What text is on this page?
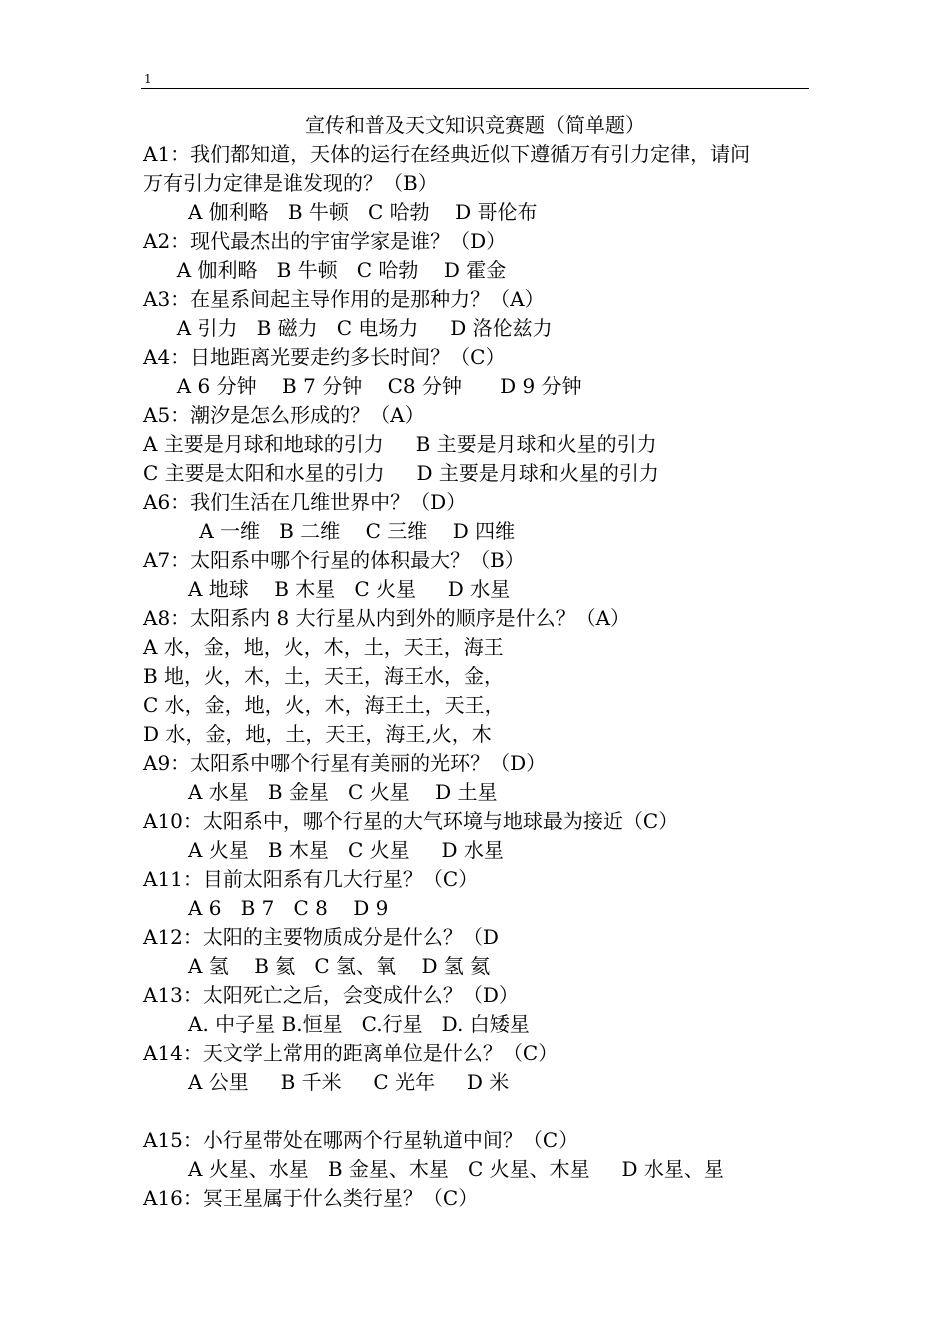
1
宣传和普及天文知识竞赛题（简单题）
A1：我们都知道，天体的运行在经典近似下遵循万有引力定律，请问
万有引力定律是谁发现的？（B）
A 伽利略   B 牛顿   C 哈勃    D 哥伦布
A2：现代最杰出的宇宙学家是谁？（D）
A 伽利略   B 牛顿   C 哈勃    D 霍金
A3：在星系间起主导作用的是那种力？（A）
A 引力   B 磁力   C 电场力     D 洛伦兹力
A4：日地距离光要走约多长时间？（C）
A 6 分钟    B 7 分钟    C8 分钟      D 9 分钟
A5：潮汐是怎么形成的？（A）
A 主要是月球和地球的引力     B 主要是月球和火星的引力
C 主要是太阳和水星的引力     D 主要是月球和火星的引力
A6：我们生活在几维世界中？（D）
A 一维   B 二维    C 三维    D 四维
A7：太阳系中哪个行星的体积最大？（B）
A 地球    B 木星   C 火星     D 水星
A8：太阳系内 8 大行星从内到外的顺序是什么？（A）
A 水，金，地，火，木，土，天王，海王
B 地，火，木，土，天王，海王水，金，
C 水，金，地，火，木，海王土，天王，
D 水，金，地，土，天王，海王,火，木
A9：太阳系中哪个行星有美丽的光环？（D）
A 水星   B 金星   C 火星    D 土星
A10：太阳系中，哪个行星的大气环境与地球最为接近（C）
A 火星   B 木星   C 火星     D 水星
A11：目前太阳系有几大行星？（C）
A 6   B 7   C 8    D 9
A12：太阳的主要物质成分是什么？（D
A 氢    B 氦   C 氢、氧    D 氢 氦
A13：太阳死亡之后，会变成什么？（D）
A. 中子星 B.恒星   C.行星   D. 白矮星
A14：天文学上常用的距离单位是什么？（C）
A 公里     B 千米     C 光年     D 米
A15：小行星带处在哪两个行星轨道中间？（C）
A 火星、水星   B 金星、木星   C 火星、木星     D 水星、星
A16：冥王星属于什么类行星？（C）
